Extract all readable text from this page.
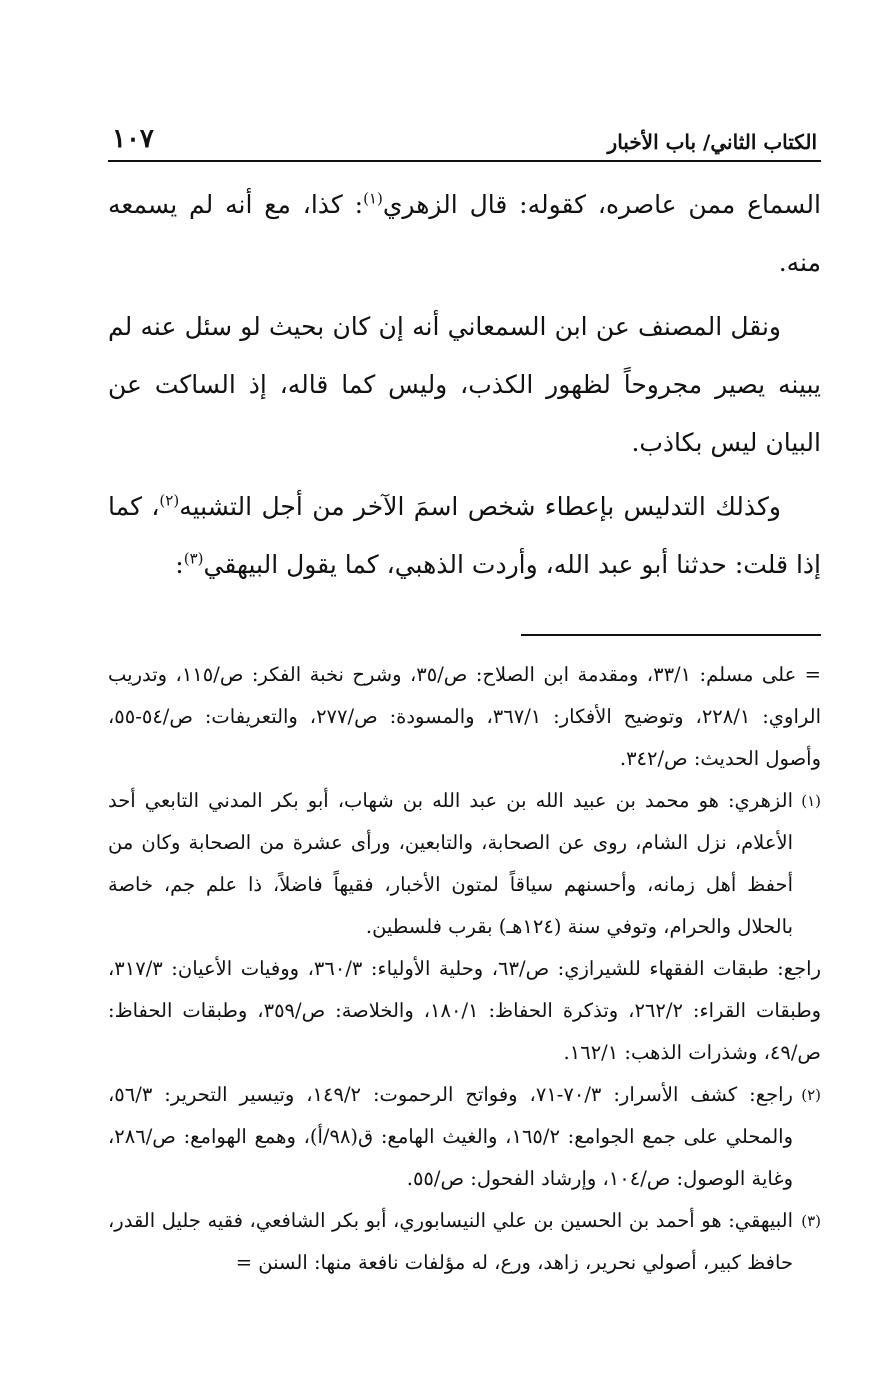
الكتاب الثاني/ باب الأخبار
١٠٧

السماع ممن عاصره، كقوله: قال الزهري$^{(١)}$: كذا، مع أنه لم يسمعه منه.

ونقل المصنف عن ابن السمعاني أنه إن كان بحيث لو سئل عنه لم يبينه يصير مجروحاً لظهور الكذب، وليس كما قاله، إذ الساكت عن البيان ليس بكاذب.

وكذلك التدليس بإعطاء شخص اسمَ الآخر من أجل التشبيه$^{(٢)}$، كما إذا قلت: حدثنا أبو عبد الله، وأردت الذهبي، كما يقول البيهقي$^{(٣)}$:

= على مسلم: ٣٣/١، ومقدمة ابن الصلاح: ص/٣٥، وشرح نخبة الفكر: ص/١١٥، وتدريب الراوي: ٢٢٨/١، وتوضيح الأفكار: ٣٦٧/١، والمسودة: ص/٢٧٧، والتعريفات: ص/٥٤-٥٥، وأصول الحديث: ص/٣٤٢.

(١)
الزهري: هو محمد بن عبيد الله بن عبد الله بن شهاب، أبو بكر المدني التابعي أحد الأعلام، نزل الشام، روى عن الصحابة، والتابعين، ورأى عشرة من الصحابة وكان من أحفظ أهل زمانه، وأحسنهم سياقاً لمتون الأخبار، فقيهاً فاضلاً، ذا علم جم، خاصة بالحلال والحرام، وتوفي سنة (١٢٤هـ) بقرب فلسطين.

راجع: طبقات الفقهاء للشيرازي: ص/٦٣، وحلية الأولياء: ٣٦٠/٣، ووفيات الأعيان: ٣١٧/٣، وطبقات القراء: ٢٦٢/٢، وتذكرة الحفاظ: ١٨٠/١، والخلاصة: ص/٣٥٩، وطبقات الحفاظ: ص/٤٩، وشذرات الذهب: ١٦٢/١.

(٢)
راجع: كشف الأسرار: ٧٠/٣-٧١، وفواتح الرحموت: ١٤٩/٢، وتيسير التحرير: ٥٦/٣، والمحلي على جمع الجوامع: ١٦٥/٢، والغيث الهامع: ق(٩٨/أ)، وهمع الهوامع: ص/٢٨٦، وغاية الوصول: ص/١٠٤، وإرشاد الفحول: ص/٥٥.

(٣)
البيهقي: هو أحمد بن الحسين بن علي النيسابوري، أبو بكر الشافعي، فقيه جليل القدر، حافظ كبير، أصولي نحرير، زاهد، ورع، له مؤلفات نافعة منها: السنن =
